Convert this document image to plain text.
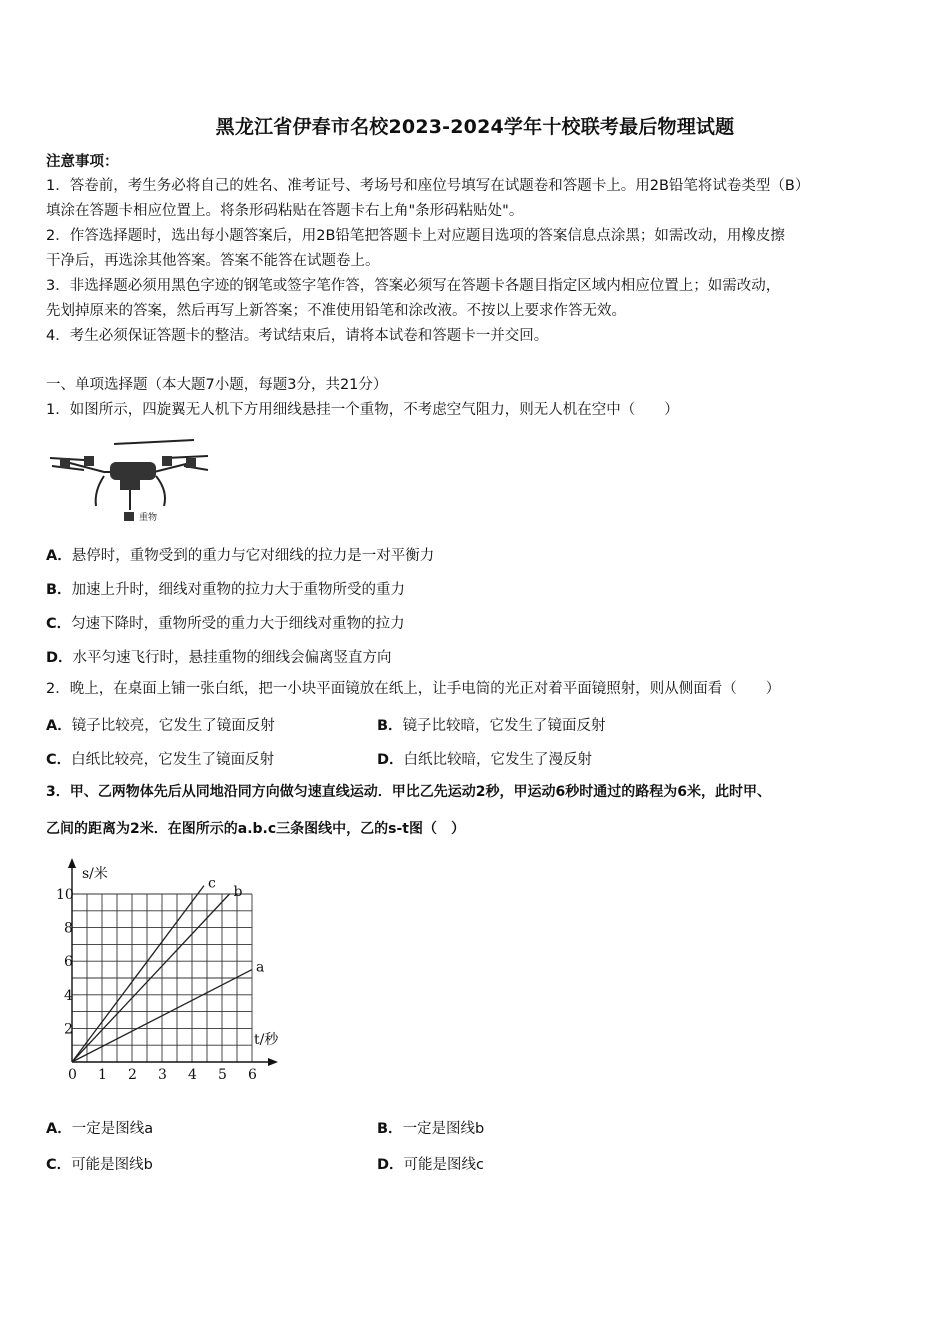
黑龙江省伊春市名校2023-2024学年十校联考最后物理试题
注意事项：
1．答卷前，考生务必将自己的姓名、准考证号、考场号和座位号填写在试题卷和答题卡上。用2B铅笔将试卷类型（B）
填涂在答题卡相应位置上。将条形码粘贴在答题卡右上角"条形码粘贴处"。
2．作答选择题时，选出每小题答案后，用2B铅笔把答题卡上对应题目选项的答案信息点涂黑；如需改动，用橡皮擦
干净后，再选涂其他答案。答案不能答在试题卷上。
3．非选择题必须用黑色字迹的钢笔或签字笔作答，答案必须写在答题卡各题目指定区域内相应位置上；如需改动，
先划掉原来的答案，然后再写上新答案；不准使用铅笔和涂改液。不按以上要求作答无效。
4．考生必须保证答题卡的整洁。考试结束后，请将本试卷和答题卡一并交回。
一、单项选择题（本大题7小题，每题3分，共21分）
1．如图所示，四旋翼无人机下方用细线悬挂一个重物，不考虑空气阻力，则无人机在空中（　　）
重物
A．悬停时，重物受到的重力与它对细线的拉力是一对平衡力
B．加速上升时，细线对重物的拉力大于重物所受的重力
C．匀速下降时，重物所受的重力大于细线对重物的拉力
D．水平匀速飞行时，悬挂重物的细线会偏离竖直方向
2．晚上，在桌面上铺一张白纸，把一小块平面镜放在纸上，让手电筒的光正对着平面镜照射，则从侧面看（　　）
A．镜子比较亮，它发生了镜面反射	B．镜子比较暗，它发生了镜面反射
C．白纸比较亮，它发生了镜面反射	D．白纸比较暗，它发生了漫反射
3．甲、乙两物体先后从同地沿同方向做匀速直线运动．甲比乙先运动2秒，甲运动6秒时通过的路程为6米，此时甲、
乙间的距离为2米．在图所示的a.b.c三条图线中，乙的s-t图（　）
0 1 2 3 4 5 6
2
4
6
8
10
s/米
t/秒
a
b
c
A．一定是图线a	B．一定是图线b
C．可能是图线b	D．可能是图线c
